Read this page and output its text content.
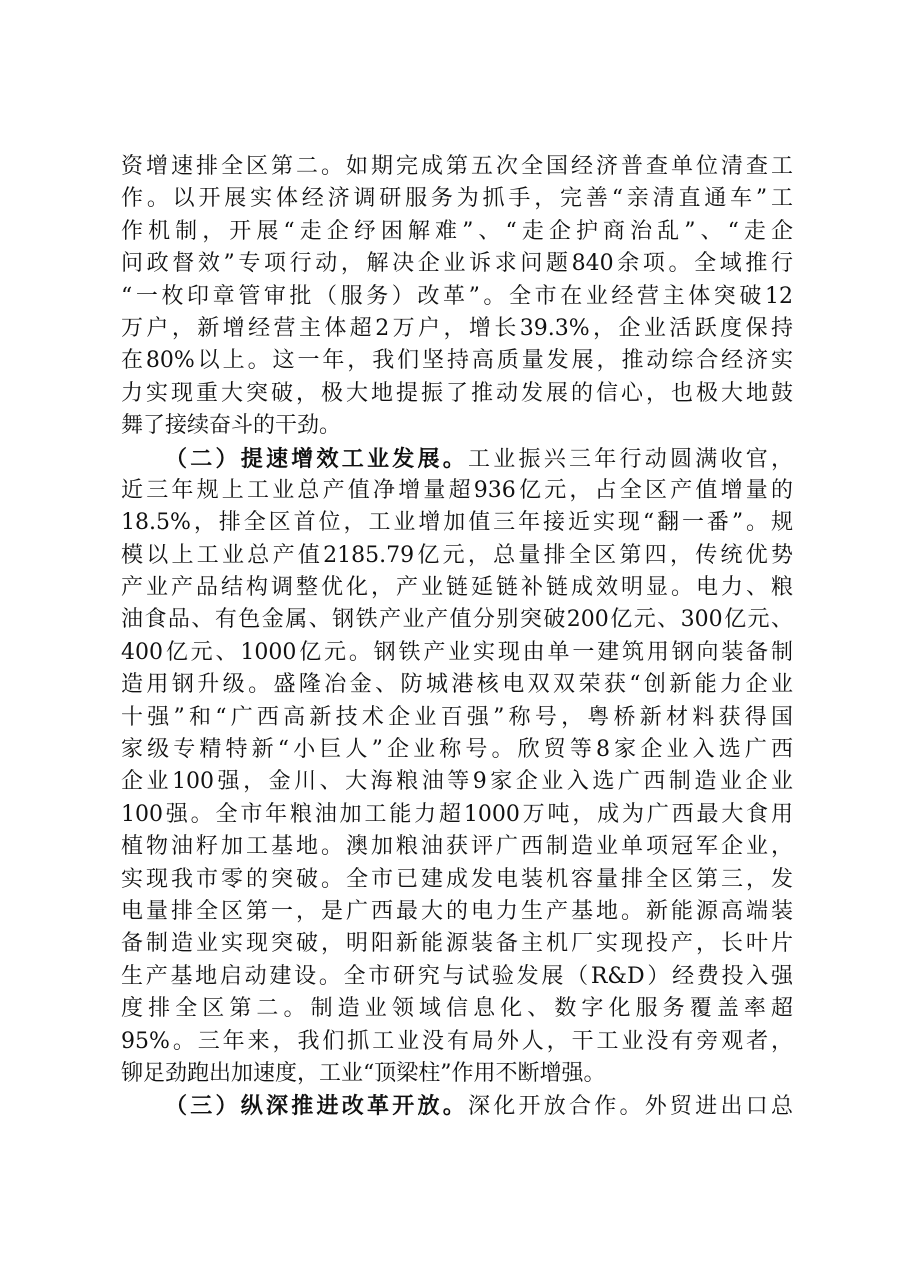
资增速排全区第二。如期完成第五次全国经济普查单位清查工
作。以开展实体经济调研服务为抓手，完善“亲清直通车”工
作机制，开展“走企纾困解难”、“走企护商治乱”、“走企
问政督效”专项行动，解决企业诉求问题840余项。全域推行
“一枚印章管审批（服务）改革”。全市在业经营主体突破12
万户，新增经营主体超2万户，增长39.3%，企业活跃度保持
在80%以上。这一年，我们坚持高质量发展，推动综合经济实
力实现重大突破，极大地提振了推动发展的信心，也极大地鼓
舞了接续奋斗的干劲。
（二）提速增效工业发展。工业振兴三年行动圆满收官，
近三年规上工业总产值净增量超936亿元，占全区产值增量的
18.5%，排全区首位，工业增加值三年接近实现“翻一番”。规
模以上工业总产值2185.79亿元，总量排全区第四，传统优势
产业产品结构调整优化，产业链延链补链成效明显。电力、粮
油食品、有色金属、钢铁产业产值分别突破200亿元、300亿元、
400亿元、1000亿元。钢铁产业实现由单一建筑用钢向装备制
造用钢升级。盛隆冶金、防城港核电双双荣获“创新能力企业
十强”和“广西高新技术企业百强”称号，粤桥新材料获得国
家级专精特新“小巨人”企业称号。欣贸等8家企业入选广西
企业100强，金川、大海粮油等9家企业入选广西制造业企业
100强。全市年粮油加工能力超1000万吨，成为广西最大食用
植物油籽加工基地。澳加粮油获评广西制造业单项冠军企业，
实现我市零的突破。全市已建成发电装机容量排全区第三，发
电量排全区第一，是广西最大的电力生产基地。新能源高端装
备制造业实现突破，明阳新能源装备主机厂实现投产，长叶片
生产基地启动建设。全市研究与试验发展（R&D）经费投入强
度排全区第二。制造业领域信息化、数字化服务覆盖率超
95%。三年来，我们抓工业没有局外人，干工业没有旁观者，
铆足劲跑出加速度，工业“顶梁柱”作用不断增强。
（三）纵深推进改革开放。深化开放合作。外贸进出口总
